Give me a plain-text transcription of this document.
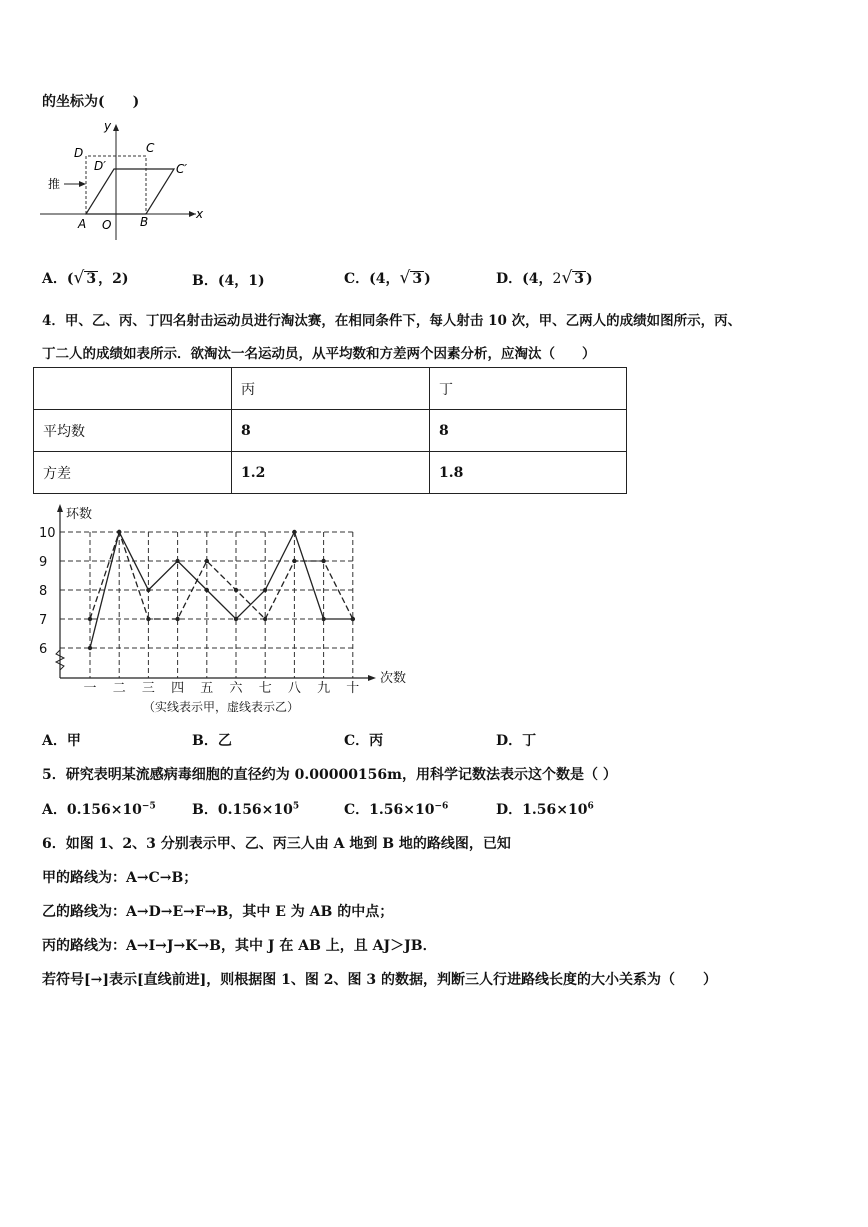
的坐标为(　　)
x
y
D	C
D′	C′
A O B
推
A．(√ 3 ，2)	B．(4，1)	C．(4，√ 3 )	D．(4，2√ 3 )
4．甲、乙、丙、丁四名射击运动员进行淘汰赛，在相同条件下，每人射击 10 次，甲、乙两人的成绩如图所示，丙、
丁二人的成绩如表所示．欲淘汰一名运动员，从平均数和方差两个因素分析，应淘汰（　　）
	丙	丁
平均数	8	8
方差	1.2	1.8
6
7
8
9
10
一 二 三 四 五 六 七 八 九 十
环数
次数
（实线表示甲，虚线表示乙）
A．甲	B．乙	C．丙	D．丁
5．研究表明某流感病毒细胞的直径约为 0.00000156m，用科学记数法表示这个数是（ ）
A．$0.156\times 10^{-5}$	B．$0.156\times 10^5$	C．$1.56\times 10^{-6}$	D．$1.56\times 10^6$
6．如图 1、2、3 分别表示甲、乙、丙三人由 A 地到 B 地的路线图，已知
甲的路线为：A→C→B；
乙的路线为：A→D→E→F→B，其中 E 为 AB 的中点；
丙的路线为：A→I→J→K→B，其中 J 在 AB 上，且 AJ＞JB．
若符号[→]表示[直线前进]，则根据图 1、图 2、图 3 的数据，判断三人行进路线长度的大小关系为（　　）
